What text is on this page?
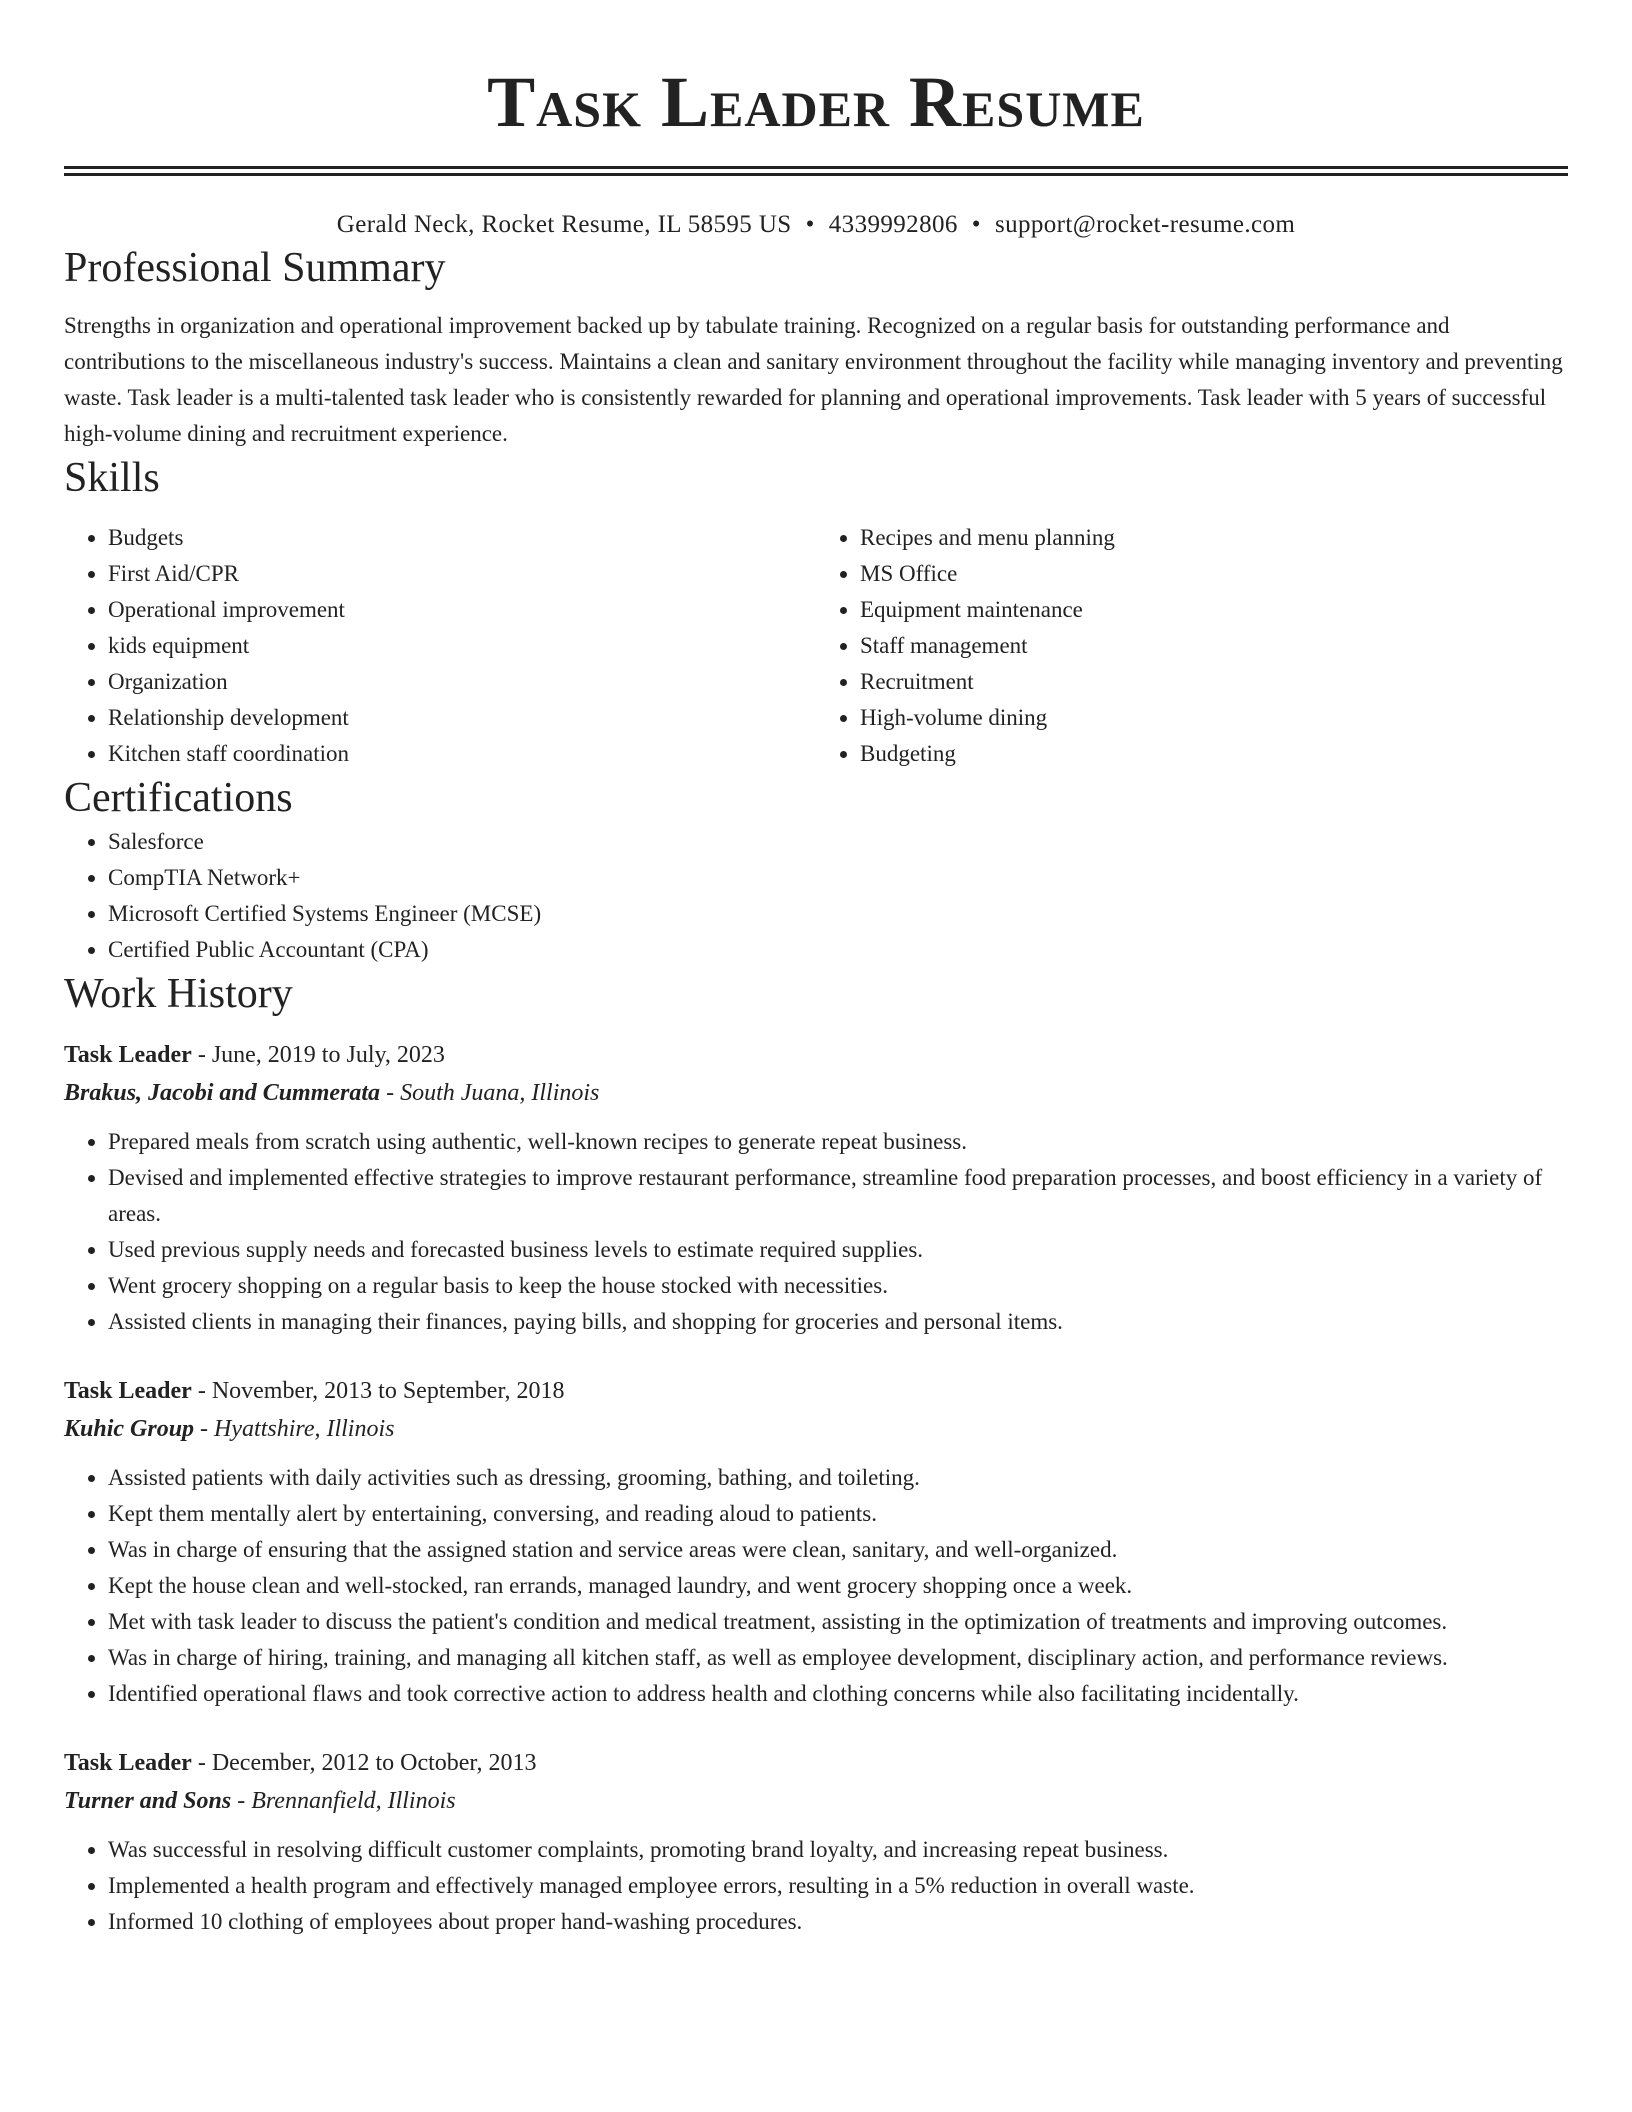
Task Leader Resume
Gerald Neck, Rocket Resume, IL 58595 US • 4339992806 • support@rocket-resume.com
Professional Summary

Strengths in organization and operational improvement backed up by tabulate training. Recognized on a regular basis for outstanding performance and contributions to the miscellaneous industry's success. Maintains a clean and sanitary environment throughout the facility while managing inventory and preventing waste. Task leader is a multi-talented task leader who is consistently rewarded for planning and operational improvements. Task leader with 5 years of successful high-volume dining and recruitment experience.

Skills
• Budgets
• First Aid/CPR
• Operational improvement
• kids equipment
• Organization
• Relationship development
• Kitchen staff coordination
• Recipes and menu planning
• MS Office
• Equipment maintenance
• Staff management
• Recruitment
• High-volume dining
• Budgeting
Certifications
• Salesforce
• CompTIA Network+
• Microsoft Certified Systems Engineer (MCSE)
• Certified Public Accountant (CPA)
Work History
Task Leader - June, 2019 to July, 2023
Brakus, Jacobi and Cummerata - South Juana, Illinois
• Prepared meals from scratch using authentic, well-known recipes to generate repeat business.
• Devised and implemented effective strategies to improve restaurant performance, streamline food preparation processes, and boost efficiency in a variety of areas.
• Used previous supply needs and forecasted business levels to estimate required supplies.
• Went grocery shopping on a regular basis to keep the house stocked with necessities.
• Assisted clients in managing their finances, paying bills, and shopping for groceries and personal items.
Task Leader - November, 2013 to September, 2018
Kuhic Group - Hyattshire, Illinois
• Assisted patients with daily activities such as dressing, grooming, bathing, and toileting.
• Kept them mentally alert by entertaining, conversing, and reading aloud to patients.
• Was in charge of ensuring that the assigned station and service areas were clean, sanitary, and well-organized.
• Kept the house clean and well-stocked, ran errands, managed laundry, and went grocery shopping once a week.
• Met with task leader to discuss the patient's condition and medical treatment, assisting in the optimization of treatments and improving outcomes.
• Was in charge of hiring, training, and managing all kitchen staff, as well as employee development, disciplinary action, and performance reviews.
• Identified operational flaws and took corrective action to address health and clothing concerns while also facilitating incidentally.
Task Leader - December, 2012 to October, 2013
Turner and Sons - Brennanfield, Illinois
• Was successful in resolving difficult customer complaints, promoting brand loyalty, and increasing repeat business.
• Implemented a health program and effectively managed employee errors, resulting in a 5% reduction in overall waste.
• Informed 10 clothing of employees about proper hand-washing procedures.
